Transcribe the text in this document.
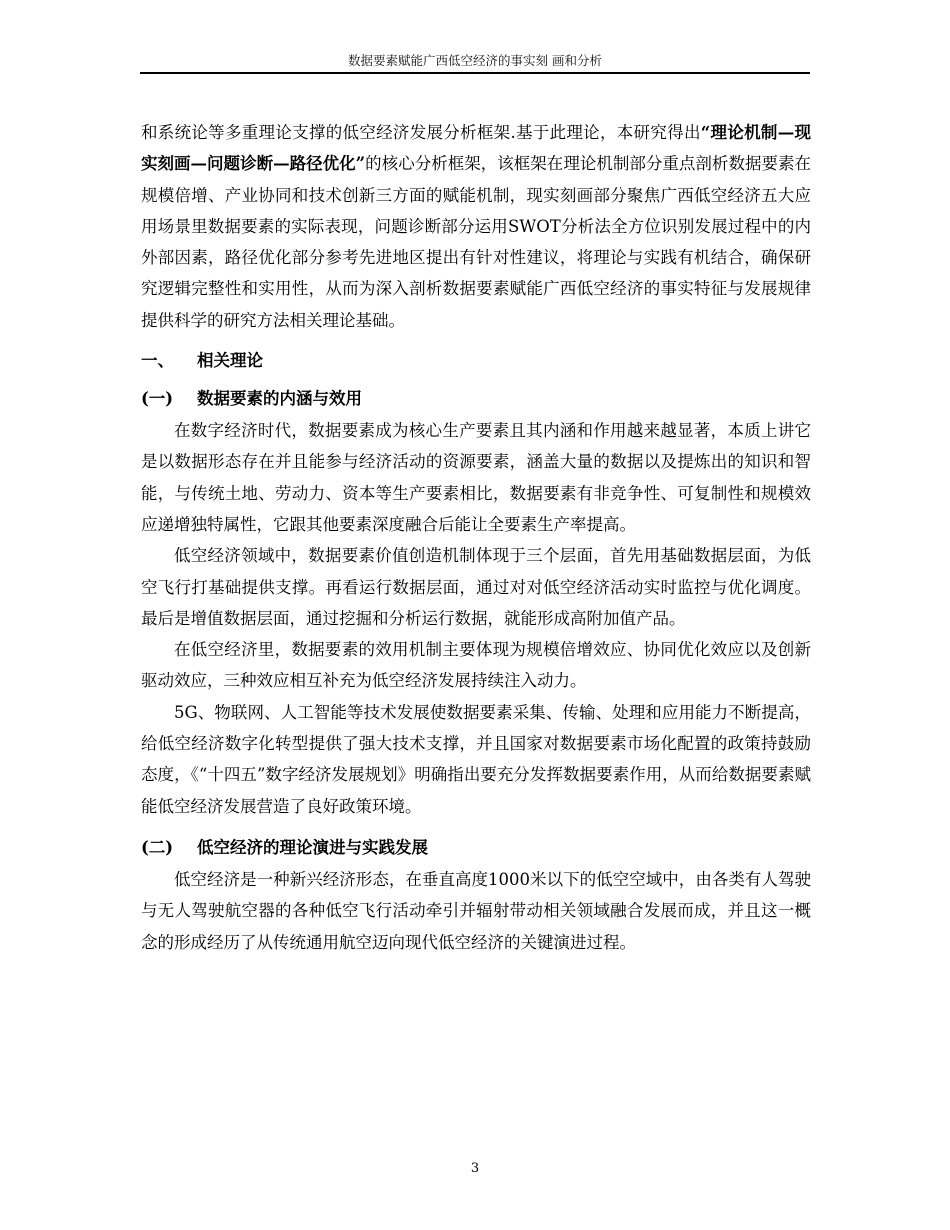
数据要素赋能广西低空经济的事实刻 画和分析

和系统论等多重理论支撑的低空经济发展分析框架.基于此理论，本研究得出“理论机制—现实刻画—问题诊断—路径优化”的核心分析框架，该框架在理论机制部分重点剖析数据要素在规模倍增、产业协同和技术创新三方面的赋能机制，现实刻画部分聚焦广西低空经济五大应用场景里数据要素的实际表现，问题诊断部分运用SWOT分析法全方位识别发展过程中的内外部因素，路径优化部分参考先进地区提出有针对性建议，将理论与实践有机结合，确保研究逻辑完整性和实用性，从而为深入剖析数据要素赋能广西低空经济的事实特征与发展规律提供科学的研究方法相关理论基础。

一、	相关理论
(一)	数据要素的内涵与效用

在数字经济时代，数据要素成为核心生产要素且其内涵和作用越来越显著，本质上讲它是以数据形态存在并且能参与经济活动的资源要素，涵盖大量的数据以及提炼出的知识和智能，与传统土地、劳动力、资本等生产要素相比，数据要素有非竞争性、可复制性和规模效应递增独特属性，它跟其他要素深度融合后能让全要素生产率提高。

低空经济领域中，数据要素价值创造机制体现于三个层面，首先用基础数据层面，为低空飞行打基础提供支撑。再看运行数据层面，通过对对低空经济活动实时监控与优化调度。最后是增值数据层面，通过挖掘和分析运行数据，就能形成高附加值产品。

在低空经济里，数据要素的效用机制主要体现为规模倍增效应、协同优化效应以及创新驱动效应，三种效应相互补充为低空经济发展持续注入动力。

5G、物联网、人工智能等技术发展使数据要素采集、传输、处理和应用能力不断提高，给低空经济数字化转型提供了强大技术支撑，并且国家对数据要素市场化配置的政策持鼓励态度，《“十四五”数字经济发展规划》明确指出要充分发挥数据要素作用，从而给数据要素赋能低空经济发展营造了良好政策环境。

(二)	低空经济的理论演进与实践发展

低空经济是一种新兴经济形态，在垂直高度1000米以下的低空空域中，由各类有人驾驶与无人驾驶航空器的各种低空飞行活动牵引并辐射带动相关领域融合发展而成，并且这一概念的形成经历了从传统通用航空迈向现代低空经济的关键演进过程。

3
